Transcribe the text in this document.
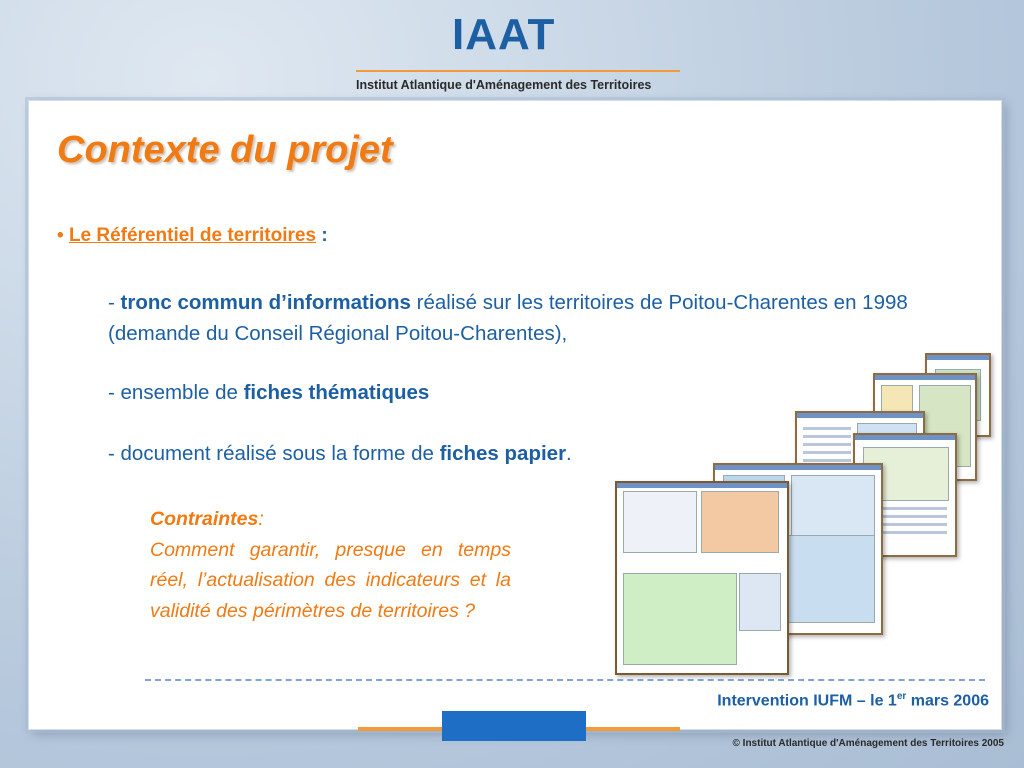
IAAT
Institut Atlantique d'Aménagement des Territoires
Contexte du projet
• Le Référentiel de territoires :
- tronc commun d’informations réalisé sur les territoires de Poitou-Charentes en 1998 (demande du Conseil Régional Poitou-Charentes),
- ensemble de fiches thématiques
- document réalisé sous la forme de fiches papier.
Contraintes:
Comment garantir, presque en temps réel, l’actualisation des indicateurs et la validité des périmètres de territoires ?
Intervention IUFM – le 1er mars 2006
© Institut Atlantique d'Aménagement des Territoires 2005
